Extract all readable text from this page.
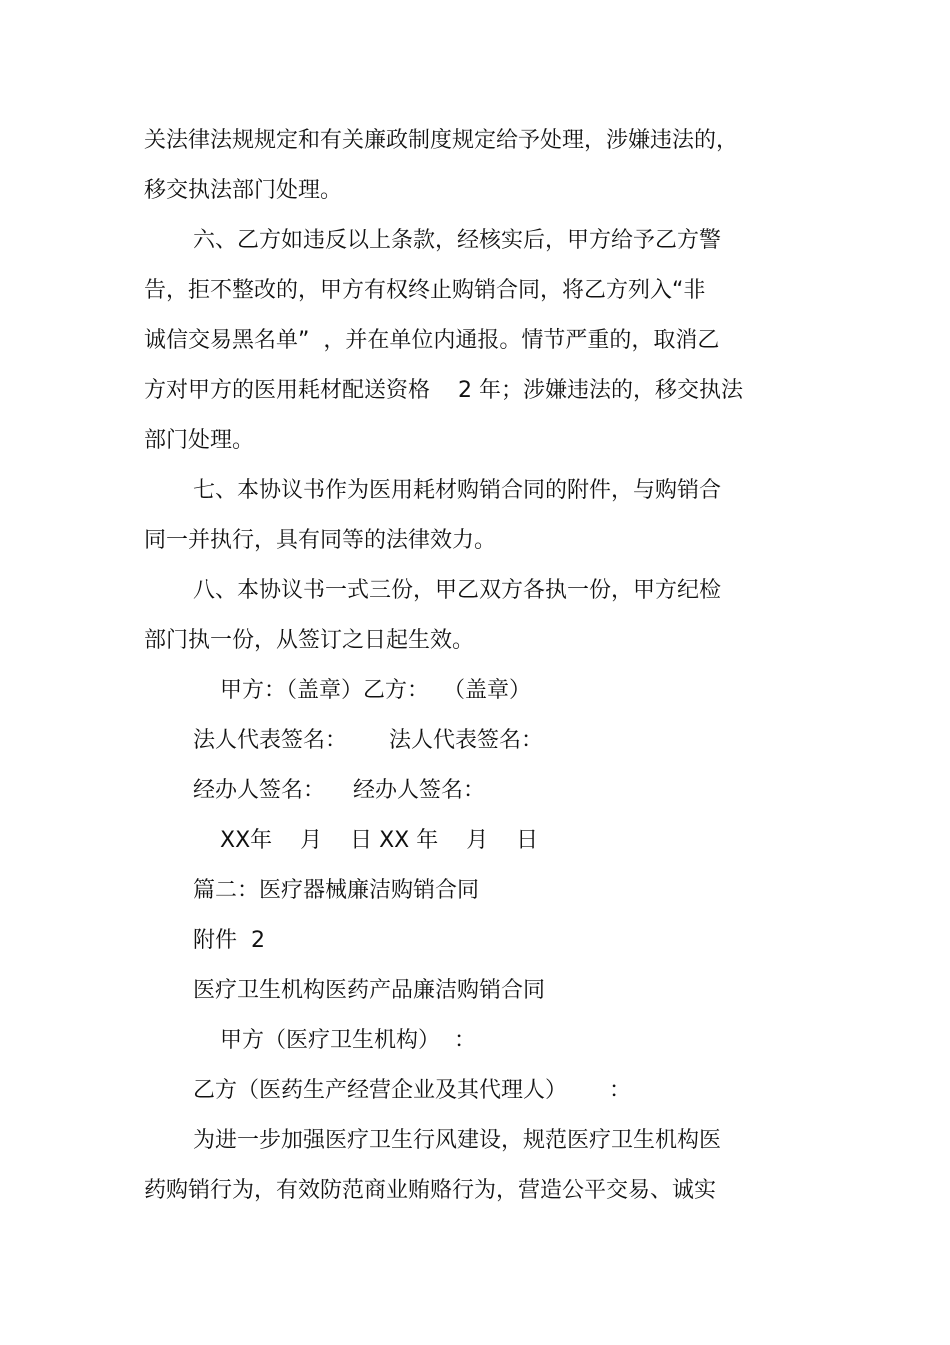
关法律法规规定和有关廉政制度规定给予处理，涉嫌违法的，
移交执法部门处理。
六、乙方如违反以上条款，经核实后，甲方给予乙方警
告，拒不整改的，甲方有权终止购销合同，将乙方列入“非
诚信交易黑名单”  ，并在单位内通报。情节严重的，取消乙
方对甲方的医用耗材配送资格    2 年；涉嫌违法的，移交执法
部门处理。
七、本协议书作为医用耗材购销合同的附件，与购销合
同一并执行，具有同等的法律效力。
八、本协议书一式三份，甲乙双方各执一份，甲方纪检
部门执一份，从签订之日起生效。
甲方：（盖章）乙方：  （盖章）
法人代表签名：      法人代表签名：
经办人签名：    经办人签名：
XX年    月    日 XX 年    月    日
篇二：医疗器械廉洁购销合同
附件  2
医疗卫生机构医药产品廉洁购销合同
甲方（医疗卫生机构）  ：
乙方（医药生产经营企业及其代理人）      ：
为进一步加强医疗卫生行风建设，规范医疗卫生机构医
药购销行为，有效防范商业贿赂行为，营造公平交易、诚实
